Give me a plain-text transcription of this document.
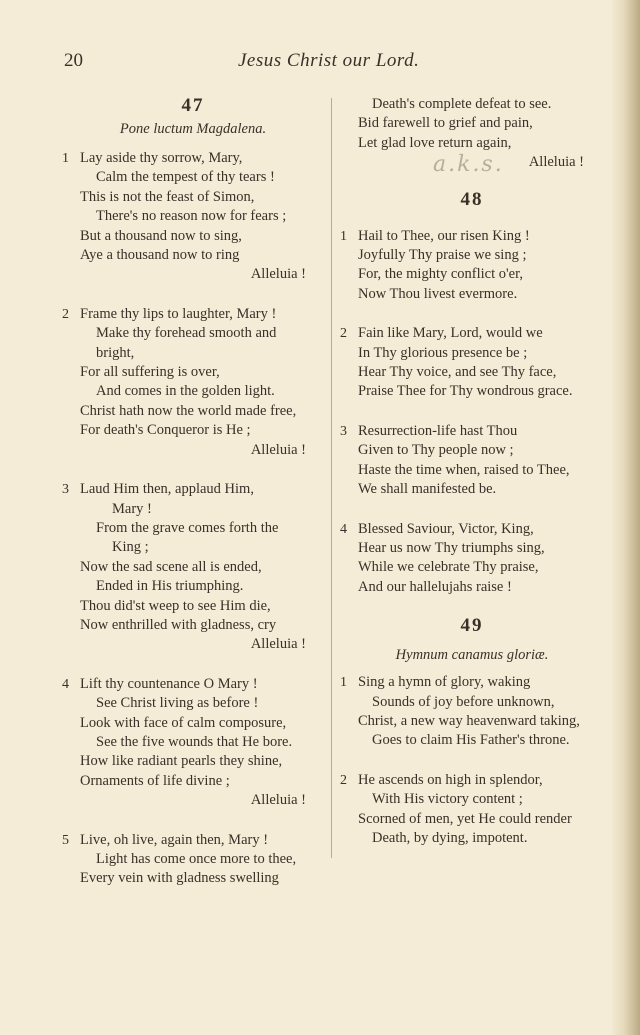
20	Jesus Christ our Lord.
47
Pone luctum Magdalena.
1 Lay aside thy sorrow, Mary,
Calm the tempest of thy tears !
This is not the feast of Simon,
There's no reason now for fears ;
But a thousand now to sing,
Aye a thousand now to ring
Alleluia !
2 Frame thy lips to laughter, Mary !
Make thy forehead smooth and
bright,
For all suffering is over,
And comes in the golden light.
Christ hath now the world made free,
For death's Conqueror is He ;
Alleluia !
3 Laud Him then, applaud Him,
Mary !
From the grave comes forth the
King ;
Now the sad scene all is ended,
Ended in His triumphing.
Thou did'st weep to see Him die,
Now enthrilled with gladness, cry
Alleluia !
4 Lift thy countenance O Mary !
See Christ living as before !
Look with face of calm composure,
See the five wounds that He bore.
How like radiant pearls they shine,
Ornaments of life divine ;
Alleluia !
5 Live, oh live, again then, Mary !
Light has come once more to thee,
Every vein with gladness swelling
Death's complete defeat to see.
Bid farewell to grief and pain,
Let glad love return again,
Alleluia !
a.k.s.
48
1 Hail to Thee, our risen King !
Joyfully Thy praise we sing ;
For, the mighty conflict o'er,
Now Thou livest evermore.
2 Fain like Mary, Lord, would we
In Thy glorious presence be ;
Hear Thy voice, and see Thy face,
Praise Thee for Thy wondrous grace.
3 Resurrection-life hast Thou
Given to Thy people now ;
Haste the time when, raised to Thee,
We shall manifested be.
4 Blessed Saviour, Victor, King,
Hear us now Thy triumphs sing,
While we celebrate Thy praise,
And our hallelujahs raise !
49
Hymnum canamus gloriæ.
1 Sing a hymn of glory, waking
Sounds of joy before unknown,
Christ, a new way heavenward taking,
Goes to claim His Father's throne.
2 He ascends on high in splendor,
With His victory content ;
Scorned of men, yet He could render
Death, by dying, impotent.
